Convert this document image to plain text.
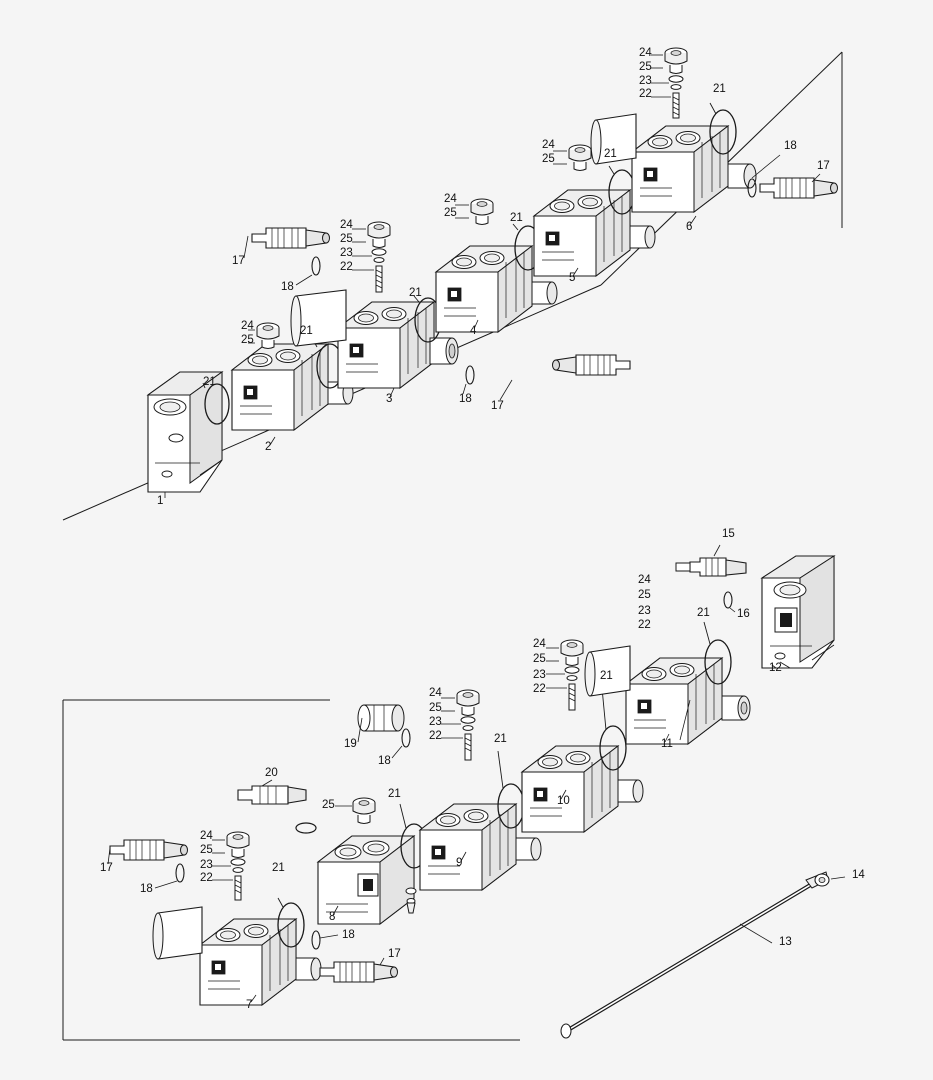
1
2
3
4
5
6
7
8
9
10
11
12
13
14
15
16
17
17
17
17
17
18
18
18
18
18
18
19
20
21
21
21
21
21
21
21
21
21
21
21
22
22
22
22
22
22
23
23
23
23
23
23
24
24
24
24
24
24
24
24
24
25
25
25
25
25
25
25
25
25
25
